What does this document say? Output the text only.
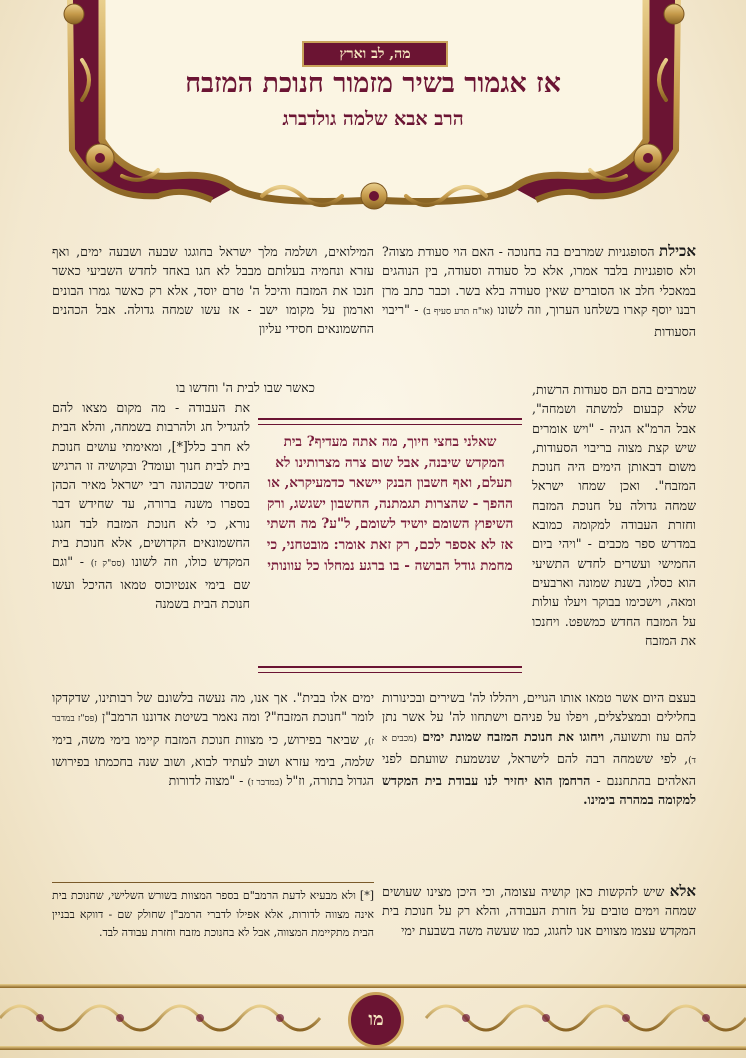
מה, לב וארץ
אז אגמור בשיר מזמור חנוכת המזבח
הרב אבא שלמה גולדברג

אכילת הסופגניות שמרבים בה בחנוכה - האם הוי סעודת מצוה? ולא סופגניות בלבד אמרו, אלא כל סעודה וסעודה, בין הנוהגים במאכלי חלב או הסוברים שאין סעודה בלא בשר. וכבר כתב מרן רבנו יוסף קארו בשלחנו הערוך, וזה לשונו (או"ח תרע סעיף ב) - "ריבוי הסעודות

שמרבים בהם הם סעודות הרשות, שלא קבעום למשתה ושמחה", אבל הרמ"א הגיה - "ויש אומרים שיש קצת מצוה בריבוי הסעודות, משום דבאותן הימים היה חנוכת המזבח". ואכן שמחו ישראל שמחה גדולה על חנוכת המזבח וחזרת העבודה למקומה כמובא במדרש ספר מכבים - "ויהי ביום החמישי ועשרים לחדש התשיעי הוא כסלו, בשנת שמונה וארבעים ומאה, וישכימו בבוקר ויעלו עולות על המזבח החדש כמשפט. ויחנכו את המזבח

המילואים, ושלמה מלך ישראל בחוגגו שבעה ושבעה ימים, ואף עזרא ונחמיה בעלותם מבבל לא חגו באחד לחדש השביעי כאשר חנכו את המזבח והיכל ה' טרם יוסד, אלא רק כאשר גמרו הבונים וארמון על מקומו ישב - אז עשו שמחה גדולה. אבל הכהנים החשמונאים חסידי עליון

כאשר שבו לבית ה' וחדשו בו

את העבודה - מה מקום מצאו להם להגדיל חג ולהרבות בשמחה, והלא הבית לא חרב כלל[*], ומאימתי עושים חנוכת בית לבית חנוך ועומד? ובקושיה זו הרגיש החסיד שבכהונה רבי ישראל מאיר הכהן בספרו משנה ברורה, עד שחידש דבר נורא, כי לא חנוכת המזבח לבד חגגו החשמונאים הקדושים, אלא חנוכת בית המקדש כולו, וזה לשונו (סס"ק ז) - "וגם שם בימי אנטיוכוס טמאו ההיכל ועשו חנוכת הבית בשמנה

שאלני בחצי חיוך, מה אתה מעדיף? בית המקדש שיבנה, אבל שום צרה מצרותינו לא תעלם, ואף חשבון הבנק יישאר כדמעיקרא, או ההפך - שהצרות תגמתנה, החשבון ישגשג, ורק השיפוץ השומם יושיד לשומם, ל"ע? מה השתי אז לא אספר לכם, רק זאת אומר: מובטחני, כי מחמת גודל הבושה - בו ברגע נמחלו כל עוונותי

בעצם היום אשר טמאו אותו הגויים, ויהללו לה' בשירים ובכינורות בחלילים ובמצלצלים, ויפלו על פניהם וישתחוו לה' על אשר נתן להם עוז ותשועה, ויחוגו את חנוכת המזבח שמונת ימים (מכבים א ד), לפי ששמחה רבה להם לישראל, שנשמעת שוועתם לפני האלהים בהתחננם - הרחמן הוא יחזיר לנו עבודת בית המקדש למקומה במהרה בימינו.

ימים אלו בבית". אך אנו, מה נעשה בלשונם של רבותינו, שדקדקו לומר "חנוכת המזבח"? ומה נאמר בשיטת אדוננו הרמב"ן (פס"ז במדבר ז), שביאר בפירוש, כי מצוות חנוכת המזבח קיימו בימי משה, בימי שלמה, בימי עזרא ושוב לעתיד לבוא, ושוב שנה בחכמתו בפירושו הגדול בתורה, וז"ל (במדבר ז) - "מצוה לדורות

אלא שיש להקשות כאן קושיה עצומה, וכי היכן מצינו שעושים שמחה וימים טובים על חזרת העבודה, והלא רק על חנוכת בית המקדש עצמו מצווים אנו לחגוג, כמו שעשה משה בשבעת ימי

[*] ולא מבעיא לדעת הרמב"ם בספר המצוות בשורש השלישי, שחנוכת בית אינה מצווה לדורות, אלא אפילו לדברי הרמב"ן שחולק שם - דווקא בבניין הבית מתקיימת המצווה, אבל לא בחנוכת מזבח וחזרת עבודה לבד.
מו
